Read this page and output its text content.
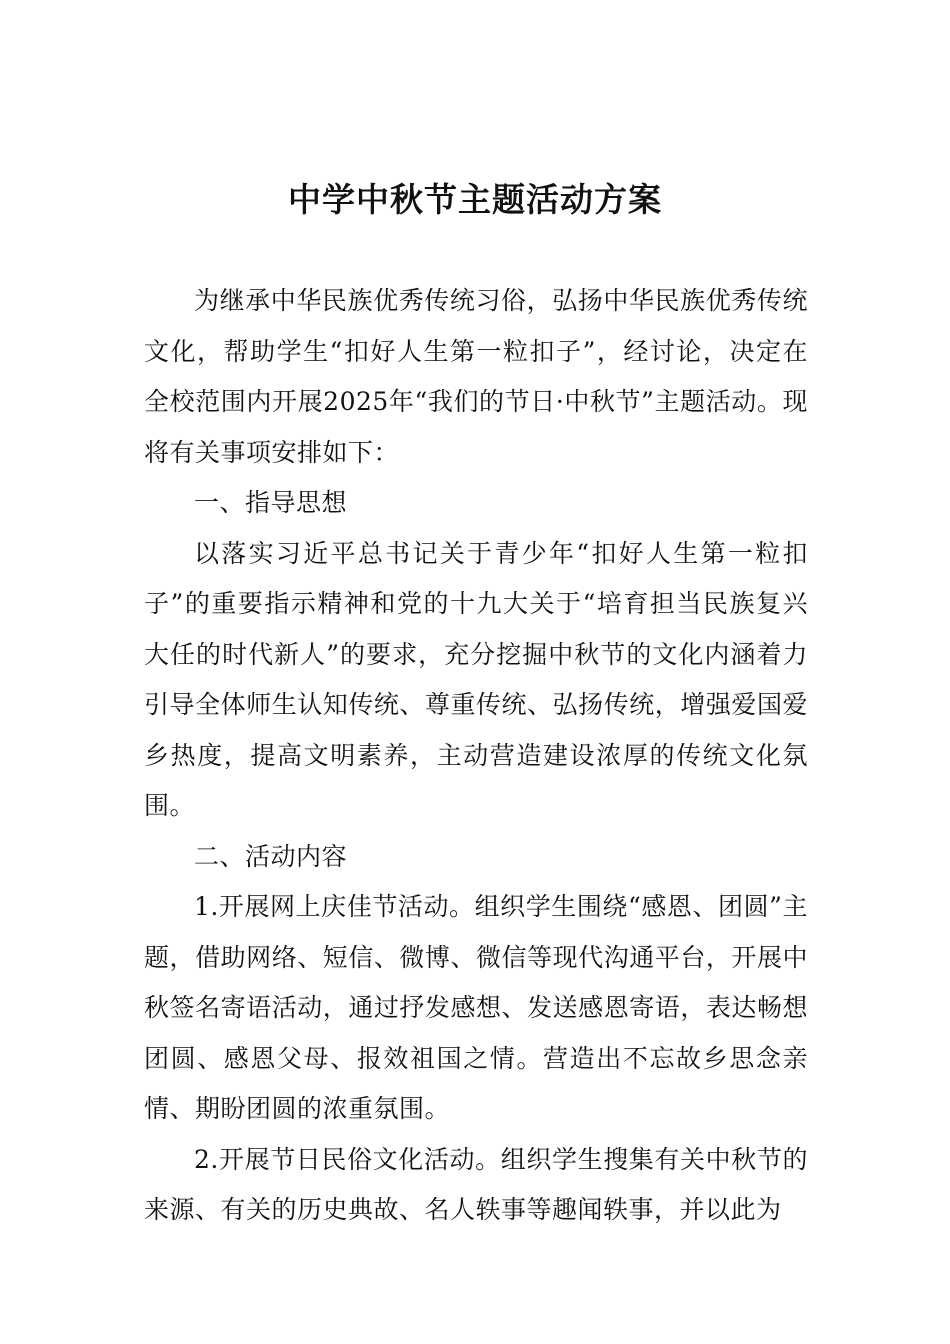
中学中秋节主题活动方案

为继承中华民族优秀传统习俗，弘扬中华民族优秀传统文化，帮助学生“扣好人生第一粒扣子”，经讨论，决定在全校范围内开展2025年“我们的节日·中秋节”主题活动。现将有关事项安排如下：

一、指导思想

以落实习近平总书记关于青少年“扣好人生第一粒扣子”的重要指示精神和党的十九大关于“培育担当民族复兴大任的时代新人”的要求，充分挖掘中秋节的文化内涵着力引导全体师生认知传统、尊重传统、弘扬传统，增强爱国爱乡热度，提高文明素养，主动营造建设浓厚的传统文化氛围。

二、活动内容

1.开展网上庆佳节活动。组织学生围绕“感恩、团圆”主题，借助网络、短信、微博、微信等现代沟通平台，开展中秋签名寄语活动，通过抒发感想、发送感恩寄语，表达畅想团圆、感恩父母、报效祖国之情。营造出不忘故乡思念亲情、期盼团圆的浓重氛围。

2.开展节日民俗文化活动。组织学生搜集有关中秋节的来源、有关的历史典故、名人轶事等趣闻轶事，并以此为
